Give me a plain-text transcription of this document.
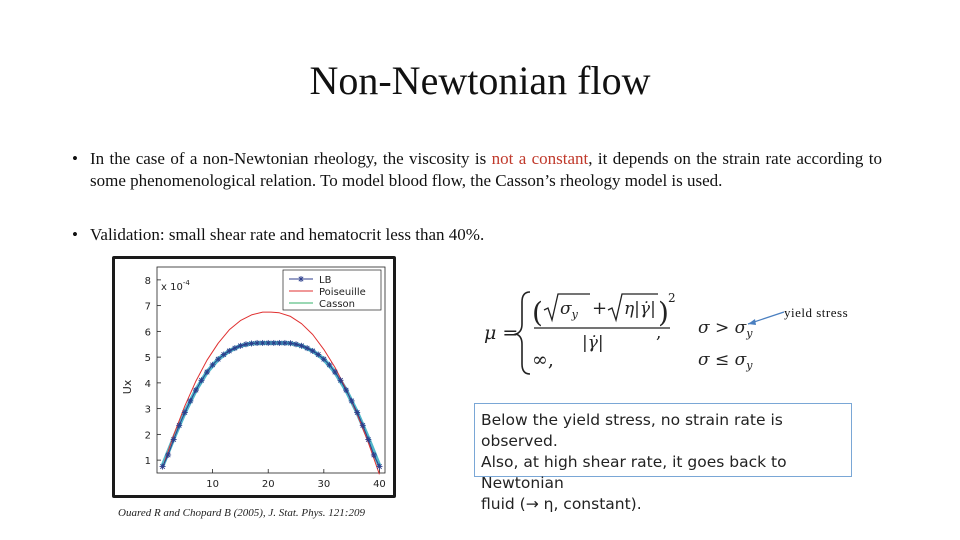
Non-Newtonian flow
• In the case of a non-Newtonian rheology, the viscosity is not a constant, it depends on the strain rate according to some phenomenological relation. To model blood flow, the Casson’s rheology model is used.
• Validation: small shear rate and hematocrit less than 40%.
1
2
3
4
5
6
7
8
10	20	30	40
x $10^{-4}$
Ux
LB
Poiseuille
Casson
Ouared R and Chopard B (2005), J. Stat. Phys. 121:209
μ =
( $\sigma_y$ + η|γ̇| ) 2
|γ̇|	,
∞,
$\sigma > \sigma_y$
$\sigma \le \sigma_y$
yield stress
Below the yield stress, no strain rate is observed.
Also, at high shear rate, it goes back to Newtonian
fluid (→ η, constant).
